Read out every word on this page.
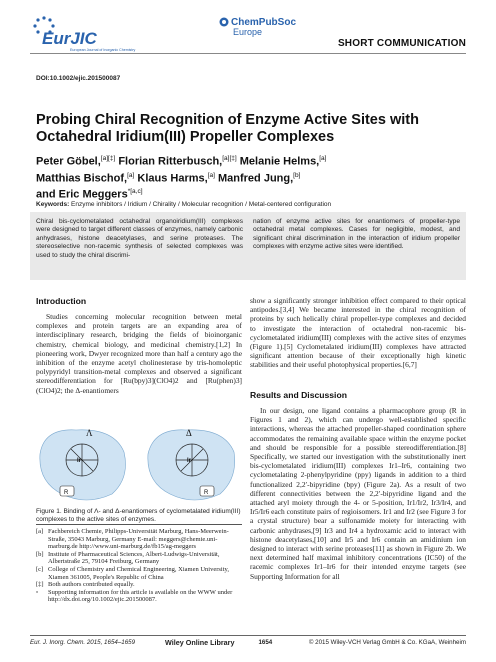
EurJIC
European Journal of Inorganic Chemistry
ChemPubSoc
Europe
SHORT COMMUNICATION
DOI:10.1002/ejic.201500087
Probing Chiral Recognition of Enzyme Active Sites with Octahedral Iridium(III) Propeller Complexes
Peter Göbel,[a][‡] Florian Ritterbusch,[a][‡] Melanie Helms,[a]
Matthias Bischof,[a] Klaus Harms,[a] Manfred Jung,[b]
and Eric Meggers$^{*[a,c]}$
Keywords: Enzyme inhibitors / Iridium / Chirality / Molecular recognition / Metal-centered configuration
Chiral bis-cyclometalated octahedral organoiridium(III) complexes were designed to target different classes of enzymes, namely carbonic anhydrases, histone deacetylases, and serine proteases. The stereoselective non-racemic synthesis of selected complexes was used to study the chiral discrimi-
nation of enzyme active sites for enantiomers of propeller-type octahedral metal complexes. Cases for negligible, modest, and significant chiral discrimination in the interaction of iridium propeller complexes with enzyme active sites were identified.
Introduction

Studies concerning molecular recognition between metal complexes and protein targets are an expanding area of interdisciplinary research, bridging the fields of bioinorganic chemistry, chemical biology, and medicinal chemistry.[1,2] In pioneering work, Dwyer recognized more than half a century ago the inhibition of the enzyme acetyl cholinesterase by tris-homoleptic polypyridyl transition-metal complexes and observed a significant stereodifferentiation for [Ru(bpy)3](ClO4)2 and [Ru(phen)3](ClO4)2; the Δ-enantiomers

Λ	Δ
Ir	Ir
R	R
Figure 1. Binding of Λ- and Δ-enantiomers of cyclometalated iridium(III) complexes to the active sites of enzymes.
[a] Fachbereich Chemie, Philipps-Universität Marburg, Hans-Meerwein-Straße, 35043 Marburg, Germany E-mail: meggers@chemie.uni-marburg.de http://www.uni-marburg.de/fb15/ag-meggers
[b] Institute of Pharmaceutical Sciences, Albert-Ludwigs-Universität, Albertstraße 25, 79104 Freiburg, Germany
[c] College of Chemistry and Chemical Engineering, Xiamen University, Xiamen 361005, People's Republic of China
[‡] Both authors contributed equally.
▫	Supporting information for this article is available on the WWW under http://dx.doi.org/10.1002/ejic.201500087.

show a significantly stronger inhibition effect compared to their optical antipodes.[3,4] We became interested in the chiral recognition of proteins by such helically chiral propeller-type complexes and decided to investigate the interaction of octahedral non-racemic bis-cyclometalated iridium(III) complexes with the active sites of enzymes (Figure 1).[5] Cyclometalated iridium(III) complexes have attracted significant attention because of their exceptionally high kinetic stabilities and their useful photophysical properties.[6,7]

Results and Discussion

In our design, one ligand contains a pharmacophore group (R in Figures 1 and 2), which can undergo well-established specific interactions, whereas the attached propeller-shaped coordination sphere accommodates the remaining available space within the enzyme pocket and should be responsible for a possible stereodifferentiation.[8] Specifically, we started our investigation with the substitutionally inert bis-cyclometalated iridium(III) complexes Ir1–Ir6, containing two cyclometalating 2-phenylpyridine (ppy) ligands in addition to a third functionalized 2,2′-bipyridine (bpy) (Figure 2a). As a result of two different connectivities between the 2,2′-bipyridine ligand and the attached aryl moiety through the 4- or 5-position, Ir1/Ir2, Ir3/Ir4, and Ir5/Ir6 each constitute pairs of regioisomers. Ir1 and Ir2 (see Figure 3 for a crystal structure) bear a sulfonamide moiety for interacting with carbonic anhydrases,[9] Ir3 and Ir4 a hydroxamic acid to interact with histone deacetylases,[10] and Ir5 and Ir6 contain an amidinium ion designed to interact with serine proteases[11] as shown in Figure 2b. We next determined half maximal inhibitory concentrations (IC50) of the racemic complexes Ir1–Ir6 for their intended enzyme targets (see Supporting Information for all

Eur. J. Inorg. Chem. 2015, 1654–1659	Wiley Online Library	1654	© 2015 Wiley-VCH Verlag GmbH & Co. KGaA, Weinheim
